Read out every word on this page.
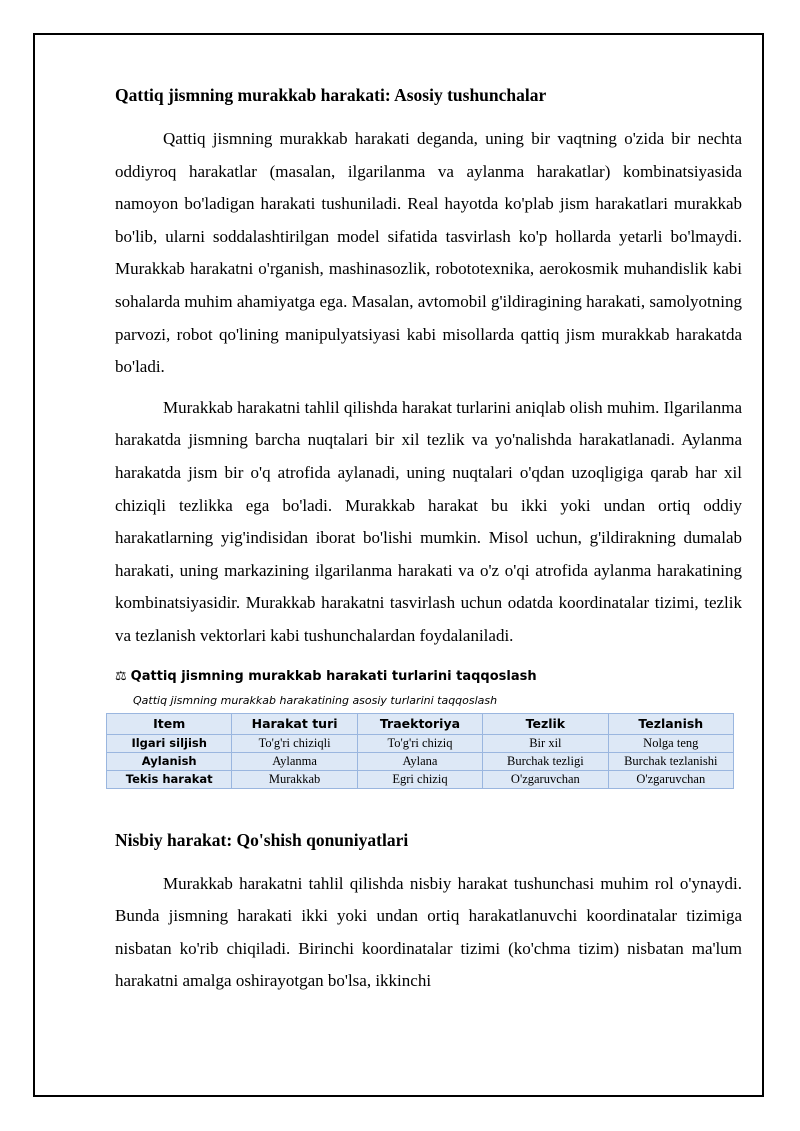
Qattiq jismning murakkab harakati: Asosiy tushunchalar

Qattiq jismning murakkab harakati deganda, uning bir vaqtning o'zida bir nechta oddiyroq harakatlar (masalan, ilgarilanma va aylanma harakatlar) kombinatsiyasida namoyon bo'ladigan harakati tushuniladi. Real hayotda ko'plab jism harakatlari murakkab bo'lib, ularni soddalashtirilgan model sifatida tasvirlash ko'p hollarda yetarli bo'lmaydi. Murakkab harakatni o'rganish, mashinasozlik, robototexnika, aerokosmik muhandislik kabi sohalarda muhim ahamiyatga ega. Masalan, avtomobil g'ildiragining harakati, samolyotning parvozi, robot qo'lining manipulyatsiyasi kabi misollarda qattiq jism murakkab harakatda bo'ladi.

Murakkab harakatni tahlil qilishda harakat turlarini aniqlab olish muhim. Ilgarilanma harakatda jismning barcha nuqtalari bir xil tezlik va yo'nalishda harakatlanadi. Aylanma harakatda jism bir o'q atrofida aylanadi, uning nuqtalari o'qdan uzoqligiga qarab har xil chiziqli tezlikka ega bo'ladi. Murakkab harakat bu ikki yoki undan ortiq oddiy harakatlarning yig'indisidan iborat bo'lishi mumkin. Misol uchun, g'ildirakning dumalab harakati, uning markazining ilgarilanma harakati va o'z o'qi atrofida aylanma harakatining kombinatsiyasidir. Murakkab harakatni tasvirlash uchun odatda koordinatalar tizimi, tezlik va tezlanish vektorlari kabi tushunchalardan foydalaniladi.

⚖ Qattiq jismning murakkab harakati turlarini taqqoslash
Qattiq jismning murakkab harakatining asosiy turlarini taqqoslash
Item	Harakat turi	Traektoriya	Tezlik	Tezlanish
Ilgari siljish	To'g'ri chiziqli	To'g'ri chiziq	Bir xil	Nolga teng
Aylanish	Aylanma	Aylana	Burchak tezligi	Burchak tezlanishi
Tekis harakat	Murakkab	Egri chiziq	O'zgaruvchan	O'zgaruvchan
Nisbiy harakat: Qo'shish qonuniyatlari

Murakkab harakatni tahlil qilishda nisbiy harakat tushunchasi muhim rol o'ynaydi. Bunda jismning harakati ikki yoki undan ortiq harakatlanuvchi koordinatalar tizimiga nisbatan ko'rib chiqiladi. Birinchi koordinatalar tizimi (ko'chma tizim) nisbatan ma'lum harakatni amalga oshirayotgan bo'lsa, ikkinchi
